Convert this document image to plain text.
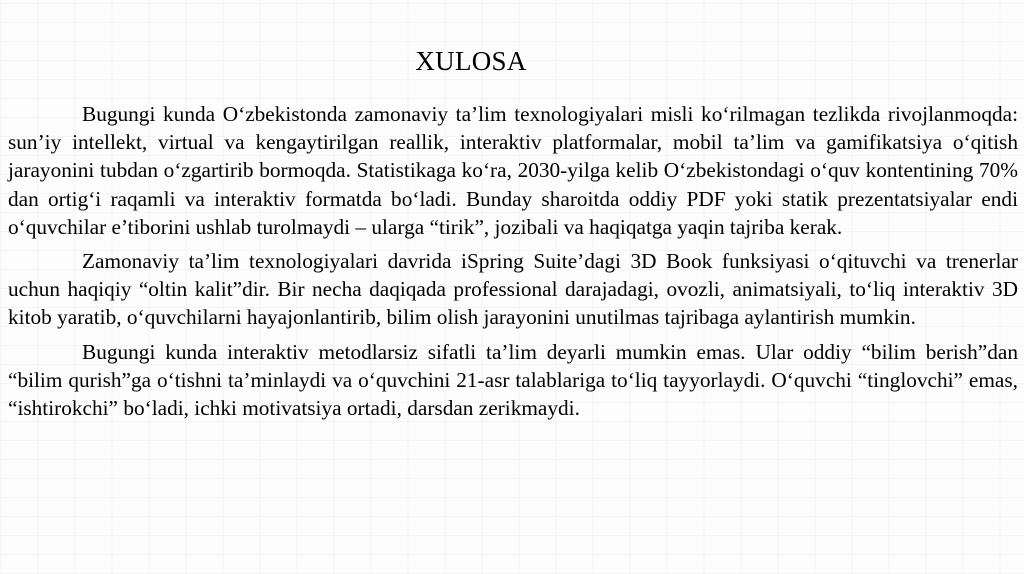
XULOSA

Bugungi kunda O‘zbekistonda zamonaviy ta’lim texnologiyalari misli ko‘rilmagan tezlikda rivojlanmoqda: sun’iy intellekt, virtual va kengaytirilgan reallik, interaktiv platformalar, mobil ta’lim va gamifikatsiya o‘qitish jarayonini tubdan o‘zgartirib bormoqda. Statistikaga ko‘ra, 2030-yilga kelib O‘zbekistondagi o‘quv kontentining 70% dan ortig‘i raqamli va interaktiv formatda bo‘ladi. Bunday sharoitda oddiy PDF yoki statik prezentatsiyalar endi o‘quvchilar e’tiborini ushlab turolmaydi – ularga “tirik”, jozibali va haqiqatga yaqin tajriba kerak.

Zamonaviy ta’lim texnologiyalari davrida iSpring Suite’dagi 3D Book funksiyasi o‘qituvchi va trenerlar uchun haqiqiy “oltin kalit”dir. Bir necha daqiqada professional darajadagi, ovozli, animatsiyali, to‘liq interaktiv 3D kitob yaratib, o‘quvchilarni hayajonlantirib, bilim olish jarayonini unutilmas tajribaga aylantirish mumkin.

Bugungi kunda interaktiv metodlarsiz sifatli ta’lim deyarli mumkin emas. Ular oddiy “bilim berish”dan “bilim qurish”ga o‘tishni ta’minlaydi va o‘quvchini 21-asr talablariga to‘liq tayyorlaydi. O‘quvchi “tinglovchi” emas, “ishtirokchi” bo‘ladi, ichki motivatsiya ortadi, darsdan zerikmaydi.
